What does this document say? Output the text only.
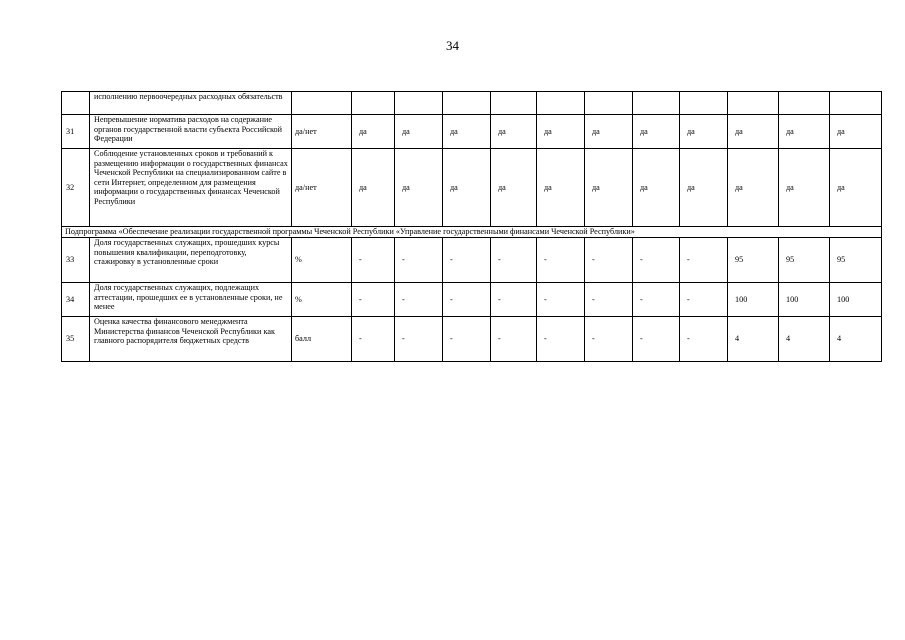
34
	исполнению первоочередных расходных обязательств												
31	Непревышение норматива расходов на содержание органов государственной власти субъекта Российской Федерации	да/нет	да	да	да	да	да	да	да	да	да	да	да
32	Соблюдение установленных сроков и требований к размещению информации о государственных финансах Чеченской Республики на специализированном сайте в сети Интернет, определенном для размещения информации о государственных финансах Чеченской Республики	да/нет	да	да	да	да	да	да	да	да	да	да	да
Подпрограмма «Обеспечение реализации государственной программы Чеченской Республики «Управление государственными финансами Чеченской Республики»													
33	Доля государственных служащих, прошедших курсы повышения квалификации, переподготовку, стажировку в установленные сроки	%	-	-	-	-	-	-	-	-	95	95	95
34	Доля государственных служащих, подлежащих аттестации, прошедших ее в установленные сроки, не менее	%	-	-	-	-	-	-	-	-	100	100	100
35	Оценка качества финансового менеджмента Министерства финансов Чеченской Республики как главного распорядителя бюджетных средств	балл	-	-	-	-	-	-	-	-	4	4	4
